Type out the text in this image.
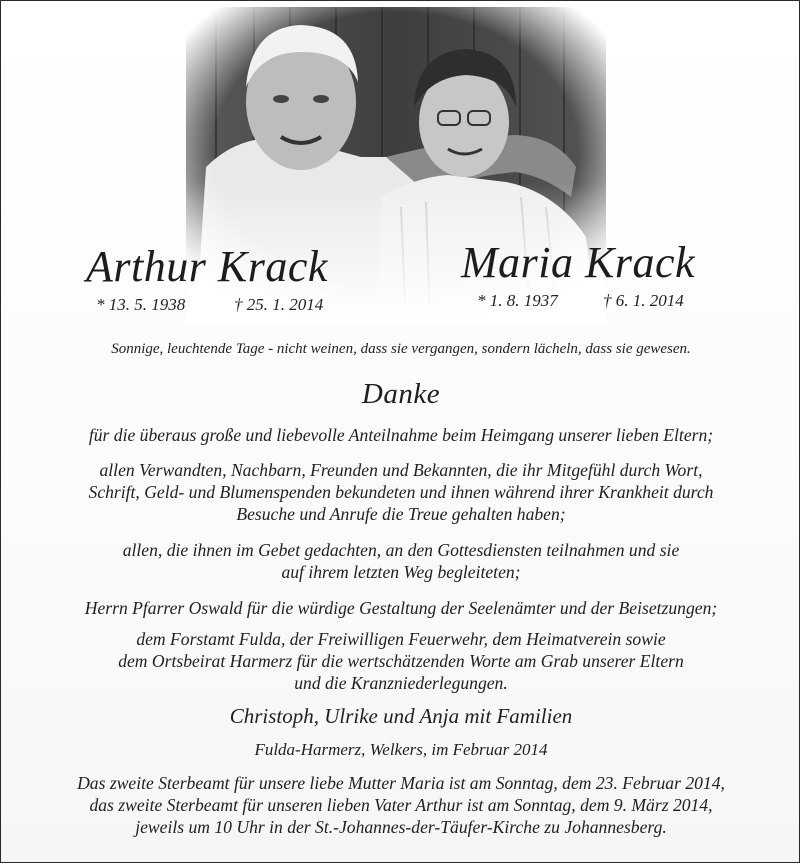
Arthur Krack	Maria Krack
* 13. 5. 1938	† 25. 1. 2014	* 1. 8. 1937	† 6. 1. 2014
Sonnige, leuchtende Tage - nicht weinen, dass sie vergangen, sondern lächeln, dass sie gewesen.
Danke
für die überaus große und liebevolle Anteilnahme beim Heimgang unserer lieben Eltern;
allen Verwandten, Nachbarn, Freunden und Bekannten, die ihr Mitgefühl durch Wort,
Schrift, Geld- und Blumenspenden bekundeten und ihnen während ihrer Krankheit durch
Besuche und Anrufe die Treue gehalten haben;
allen, die ihnen im Gebet gedachten, an den Gottesdiensten teilnahmen und sie
auf ihrem letzten Weg begleiteten;
Herrn Pfarrer Oswald für die würdige Gestaltung der Seelenämter und der Beisetzungen;
dem Forstamt Fulda, der Freiwilligen Feuerwehr, dem Heimatverein sowie
dem Ortsbeirat Harmerz für die wertschätzenden Worte am Grab unserer Eltern
und die Kranzniederlegungen.
Christoph, Ulrike und Anja mit Familien
Fulda-Harmerz, Welkers, im Februar 2014
Das zweite Sterbeamt für unsere liebe Mutter Maria ist am Sonntag, dem 23. Februar 2014,
das zweite Sterbeamt für unseren lieben Vater Arthur ist am Sonntag, dem 9. März 2014,
jeweils um 10 Uhr in der St.-Johannes-der-Täufer-Kirche zu Johannesberg.
